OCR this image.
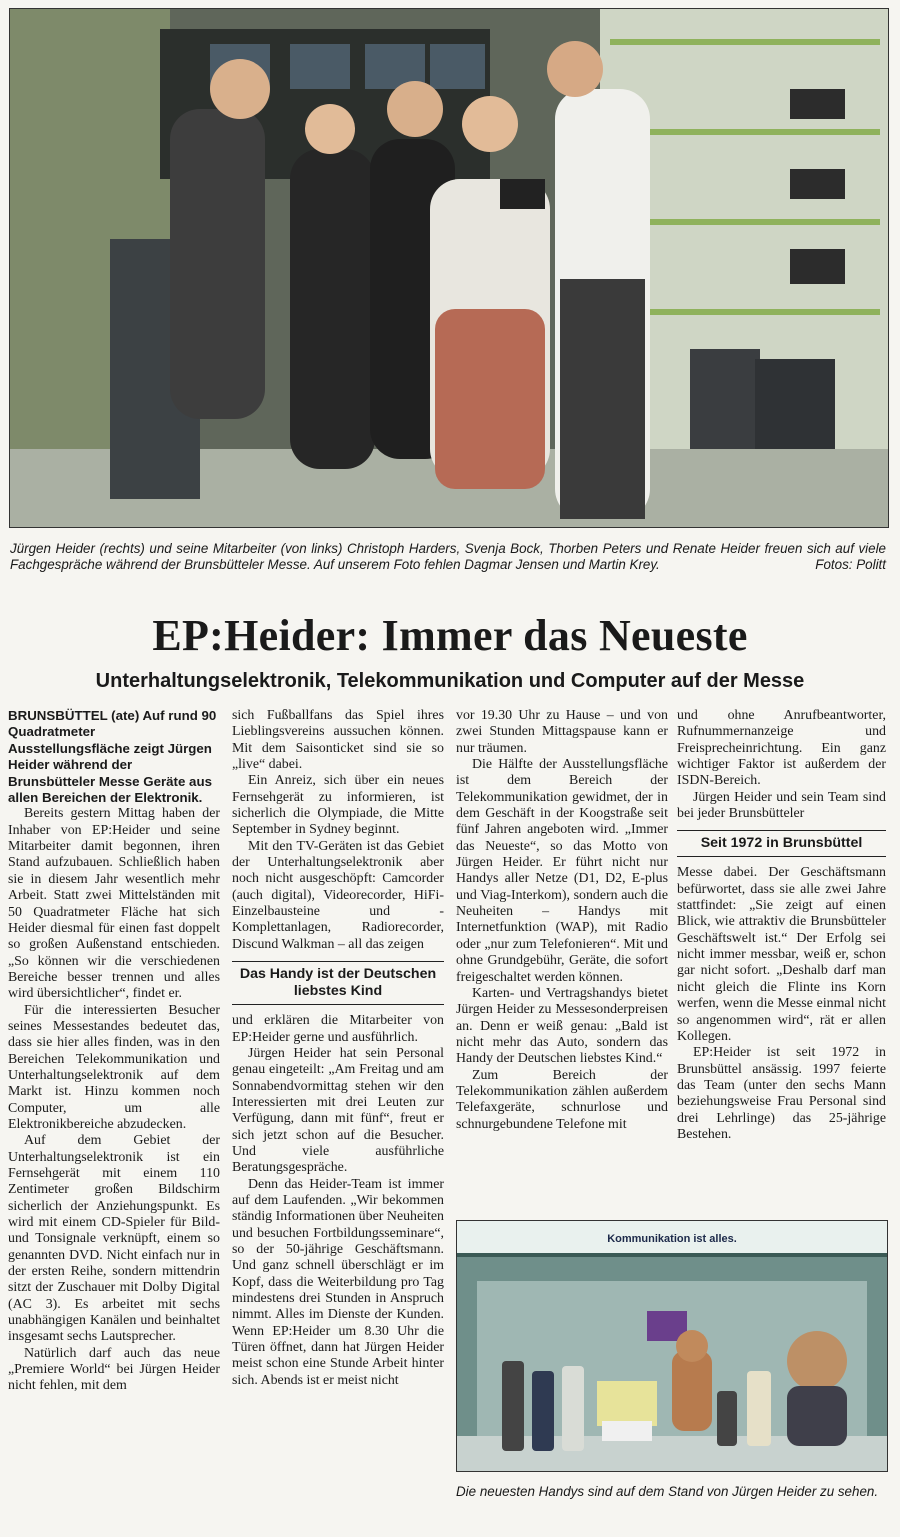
Jürgen Heider (rechts) und seine Mitarbeiter (von links) Christoph Harders, Svenja Bock, Thorben Peters und Renate Heider freuen sich auf viele Fachgespräche während der Brunsbütteler Messe. Auf unserem Foto fehlen Dagmar Jensen und Martin Krey.	Fotos: Politt
EP:Heider: Immer das Neueste
Unterhaltungselektronik, Telekommunikation und Computer auf der Messe

BRUNSBÜTTEL (ate) Auf rund 90 Quadratmeter Ausstellungsfläche zeigt Jürgen Heider während der Brunsbütteler Messe Geräte aus allen Bereichen der Elektronik.

Bereits gestern Mittag haben der Inhaber von EP:Heider und seine Mitarbeiter damit begonnen, ihren Stand aufzubauen. Schließlich haben sie in diesem Jahr wesentlich mehr Arbeit. Statt zwei Mittelständen mit 50 Quadratmeter Fläche hat sich Heider diesmal für einen fast doppelt so großen Außenstand entschieden. „So können wir die verschiedenen Bereiche besser trennen und alles wird übersichtlicher“, findet er.

Für die interessierten Besucher seines Messestandes bedeutet das, dass sie hier alles finden, was in den Bereichen Telekommunikation und Unterhaltungselektronik auf dem Markt ist. Hinzu kommen noch Computer, um alle Elektronikbereiche abzudecken.

Auf dem Gebiet der Unterhaltungselektronik ist ein Fernsehgerät mit einem 110 Zentimeter großen Bildschirm sicherlich der Anziehungspunkt. Es wird mit einem CD-Spieler für Bild- und Tonsignale verknüpft, einem so genannten DVD. Nicht einfach nur in der ersten Reihe, sondern mittendrin sitzt der Zuschauer mit Dolby Digital (AC 3). Es arbeitet mit sechs unabhängigen Kanälen und beinhaltet insgesamt sechs Lautsprecher.

Natürlich darf auch das neue „Premiere World“ bei Jürgen Heider nicht fehlen, mit dem

sich Fußballfans das Spiel ihres Lieblingsvereins aussuchen können. Mit dem Saisonticket sind sie so „live“ dabei.

Ein Anreiz, sich über ein neues Fernsehgerät zu informieren, ist sicherlich die Olympiade, die Mitte September in Sydney beginnt.

Mit den TV-Geräten ist das Gebiet der Unterhaltungselektronik aber noch nicht ausgeschöpft: Camcorder (auch digital), Videorecorder, HiFi-Einzelbausteine und -Komplettanlagen, Radiorecorder, Discund Walkman – all das zeigen

Das Handy ist der Deutschen liebstes Kind

und erklären die Mitarbeiter von EP:Heider gerne und ausführlich.

Jürgen Heider hat sein Personal genau eingeteilt: „Am Freitag und am Sonnabendvormittag stehen wir den Interessierten mit drei Leuten zur Verfügung, dann mit fünf“, freut er sich jetzt schon auf die Besucher. Und viele ausführliche Beratungsgespräche.

Denn das Heider-Team ist immer auf dem Laufenden. „Wir bekommen ständig Informationen über Neuheiten und besuchen Fortbildungsseminare“, so der 50-jährige Geschäftsmann. Und ganz schnell überschlägt er im Kopf, dass die Weiterbildung pro Tag mindestens drei Stunden in Anspruch nimmt. Alles im Dienste der Kunden. Wenn EP:Heider um 8.30 Uhr die Türen öffnet, dann hat Jürgen Heider meist schon eine Stunde Arbeit hinter sich. Abends ist er meist nicht

vor 19.30 Uhr zu Hause – und von zwei Stunden Mittagspause kann er nur träumen.

Die Hälfte der Ausstellungsfläche ist dem Bereich der Telekommunikation gewidmet, der in dem Geschäft in der Koogstraße seit fünf Jahren angeboten wird. „Immer das Neueste“, so das Motto von Jürgen Heider. Er führt nicht nur Handys aller Netze (D1, D2, E-plus und Viag-Interkom), sondern auch die Neuheiten – Handys mit Internetfunktion (WAP), mit Radio oder „nur zum Telefonieren“. Mit und ohne Grundgebühr, Geräte, die sofort freigeschaltet werden können.

Karten- und Vertragshandys bietet Jürgen Heider zu Messesonderpreisen an. Denn er weiß genau: „Bald ist nicht mehr das Auto, sondern das Handy der Deutschen liebstes Kind.“

Zum Bereich der Telekommunikation zählen außerdem Telefaxgeräte, schnurlose und schnurgebundene Telefone mit

und ohne Anrufbeantworter, Rufnummernanzeige und Freisprecheinrichtung. Ein ganz wichtiger Faktor ist außerdem der ISDN-Bereich.

Jürgen Heider und sein Team sind bei jeder Brunsbütteler

Seit 1972 in Brunsbüttel

Messe dabei. Der Geschäftsmann befürwortet, dass sie alle zwei Jahre stattfindet: „Sie zeigt auf einen Blick, wie attraktiv die Brunsbütteler Geschäftswelt ist.“ Der Erfolg sei nicht immer messbar, weiß er, schon gar nicht sofort. „Deshalb darf man nicht gleich die Flinte ins Korn werfen, wenn die Messe einmal nicht so angenommen wird“, rät er allen Kollegen.

EP:Heider ist seit 1972 in Brunsbüttel ansässig. 1997 feierte das Team (unter den sechs Mann beziehungsweise Frau Personal sind drei Lehrlinge) das 25-jährige Bestehen.

Kommunikation ist alles.
Die neuesten Handys sind auf dem Stand von Jürgen Heider zu sehen.
